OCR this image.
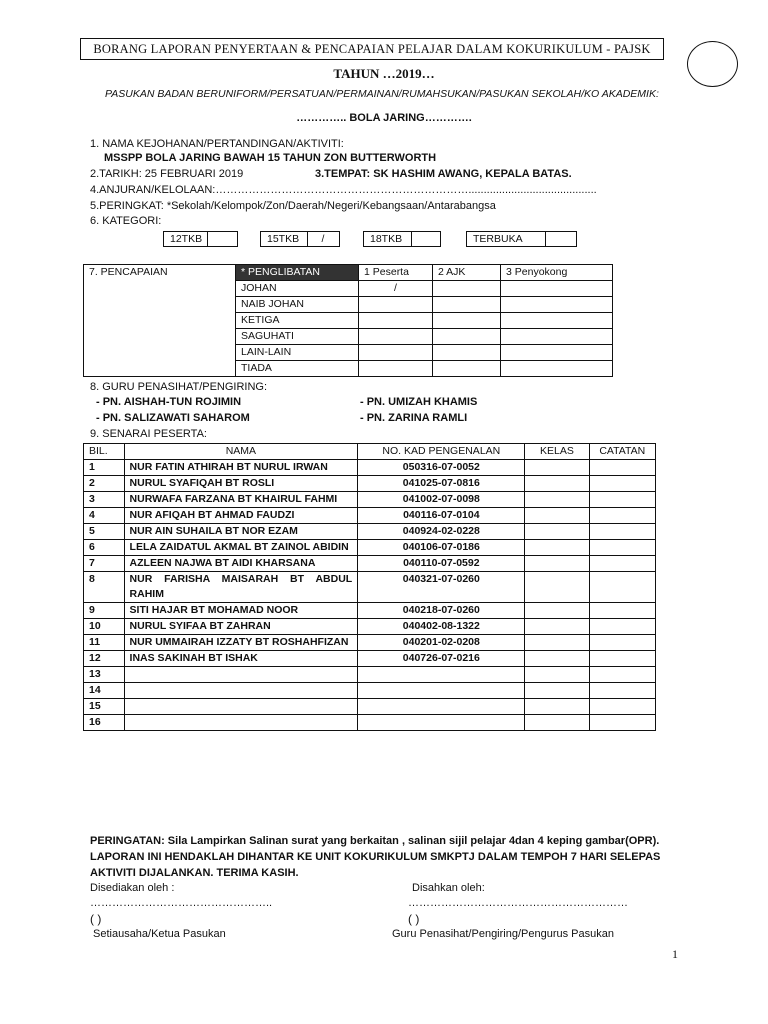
BORANG LAPORAN PENYERTAAN & PENCAPAIAN PELAJAR DALAM KOKURIKULUM - PAJSK
TAHUN …2019…
PASUKAN BADAN BERUNIFORM/PERSATUAN/PERMAINAN/RUMAHSUKAN/PASUKAN SEKOLAH/KO AKADEMIK:
………….. BOLA JARING………….
1. NAMA KEJOHANAN/PERTANDINGAN/AKTIVITI:
MSSPP BOLA JARING BAWAH 15 TAHUN ZON BUTTERWORTH
2.TARIKH: 25 FEBRUARI 2019	3.TEMPAT: SK HASHIM AWANG, KEPALA BATAS.
4.ANJURAN/KELOLAAN:……………………………………………………………..........................................
5.PERINGKAT: *Sekolah/Kelompok/Zon/Daerah/Negeri/Kebangsaan/Antarabangsa
6. KATEGORI:
12TKB	15TKB	/	18TKB	TERBUKA
7. PENCAPAIAN	* PENGLIBATAN	1 Peserta	2 AJK	3 Penyokong
	JOHAN	/		
	NAIB JOHAN			
	KETIGA			
	SAGUHATI			
	LAIN-LAIN			
	TIADA			
8. GURU PENASIHAT/PENGIRING:
- PN. AISHAH-TUN ROJIMIN	- PN. UMIZAH KHAMIS
- PN. SALIZAWATI SAHAROM	- PN. ZARINA RAMLI
9. SENARAI PESERTA:
BIL.	NAMA	NO. KAD PENGENALAN	KELAS	CATATAN
1	NUR FATIN ATHIRAH BT NURUL IRWAN	050316-07-0052		
2	NURUL SYAFIQAH BT ROSLI	041025-07-0816		
3	NURWAFA FARZANA BT KHAIRUL FAHMI	041002-07-0098		
4	NUR AFIQAH BT AHMAD FAUDZI	040116-07-0104		
5	NUR AIN SUHAILA BT NOR EZAM	040924-02-0228		
6	LELA ZAIDATUL AKMAL BT ZAINOL ABIDIN	040106-07-0186		
7	AZLEEN NAJWA BT AIDI KHARSANA	040110-07-0592		
8	NUR FARISHA MAISARAH BT ABDUL RAHIM	040321-07-0260		
9	SITI HAJAR BT MOHAMAD NOOR	040218-07-0260		
10	NURUL SYIFAA BT ZAHRAN	040402-08-1322		
11	NUR UMMAIRAH IZZATY BT ROSHAHFIZAN	040201-02-0208		
12	INAS SAKINAH BT ISHAK	040726-07-0216		
13				
14				
15				
16				
PERINGATAN: Sila Lampirkan Salinan surat yang berkaitan , salinan sijil pelajar 4dan 4 keping gambar(OPR).
LAPORAN INI HENDAKLAH DIHANTAR KE UNIT KOKURIKULUM SMKPTJ DALAM TEMPOH 7 HARI SELEPAS
AKTIVITI DIJALANKAN. TERIMA KASIH.
Disediakan oleh :	Disahkan oleh:
…………………………………………..	……………………………………………………
( )	( )
Setiausaha/Ketua Pasukan	Guru Penasihat/Pengiring/Pengurus Pasukan
1
